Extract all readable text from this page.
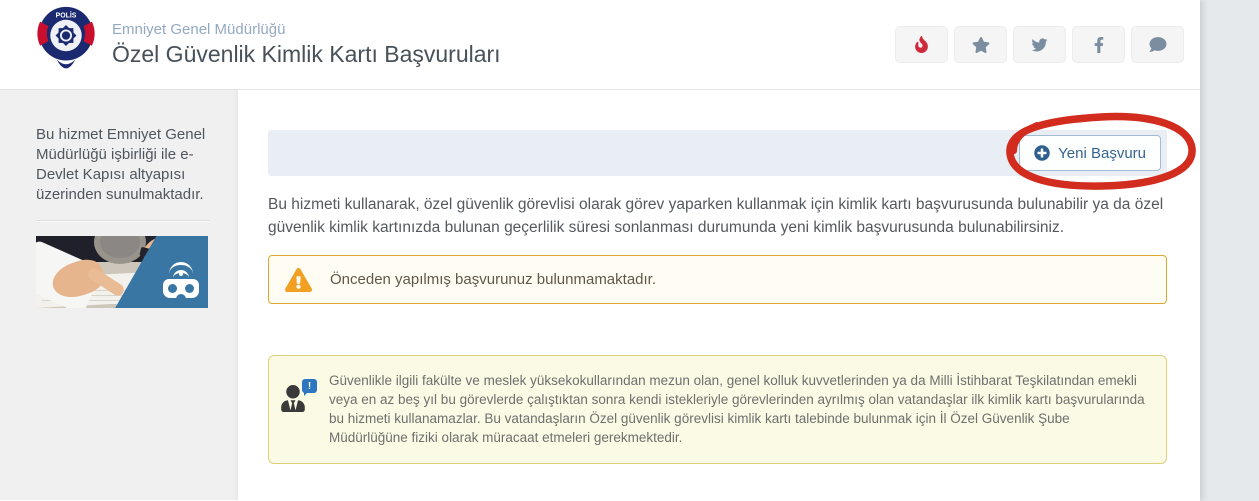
POLİS
Emniyet Genel Müdürlüğü
Özel Güvenlik Kimlik Kartı Başvuruları
Bu hizmet Emniyet Genel Müdürlüğü işbirliği ile e-Devlet Kapısı altyapısı üzerinden sunulmaktadır.
Yeni Başvuru

Bu hizmeti kullanarak, özel güvenlik görevlisi olarak görev yaparken kullanmak için kimlik kartı başvurusunda bulunabilir ya da özel güvenlik kimlik kartınızda bulunan geçerlilik süresi sonlanması durumunda yeni kimlik başvurusunda bulunabilirsiniz.

Önceden yapılmış başvurunuz bulunmamaktadır.
!	Güvenlikle ilgili fakülte ve meslek yüksekokullarından mezun olan, genel kolluk kuvvetlerinden ya da Milli İstihbarat Teşkilatından emekli veya en az beş yıl bu görevlerde çalıştıktan sonra kendi istekleriyle görevlerinden ayrılmış olan vatandaşlar ilk kimlik kartı başvurularında bu hizmeti kullanamazlar. Bu vatandaşların Özel güvenlik görevlisi kimlik kartı talebinde bulunmak için İl Özel Güvenlik Şube Müdürlüğüne fiziki olarak müracaat etmeleri gerekmektedir.
